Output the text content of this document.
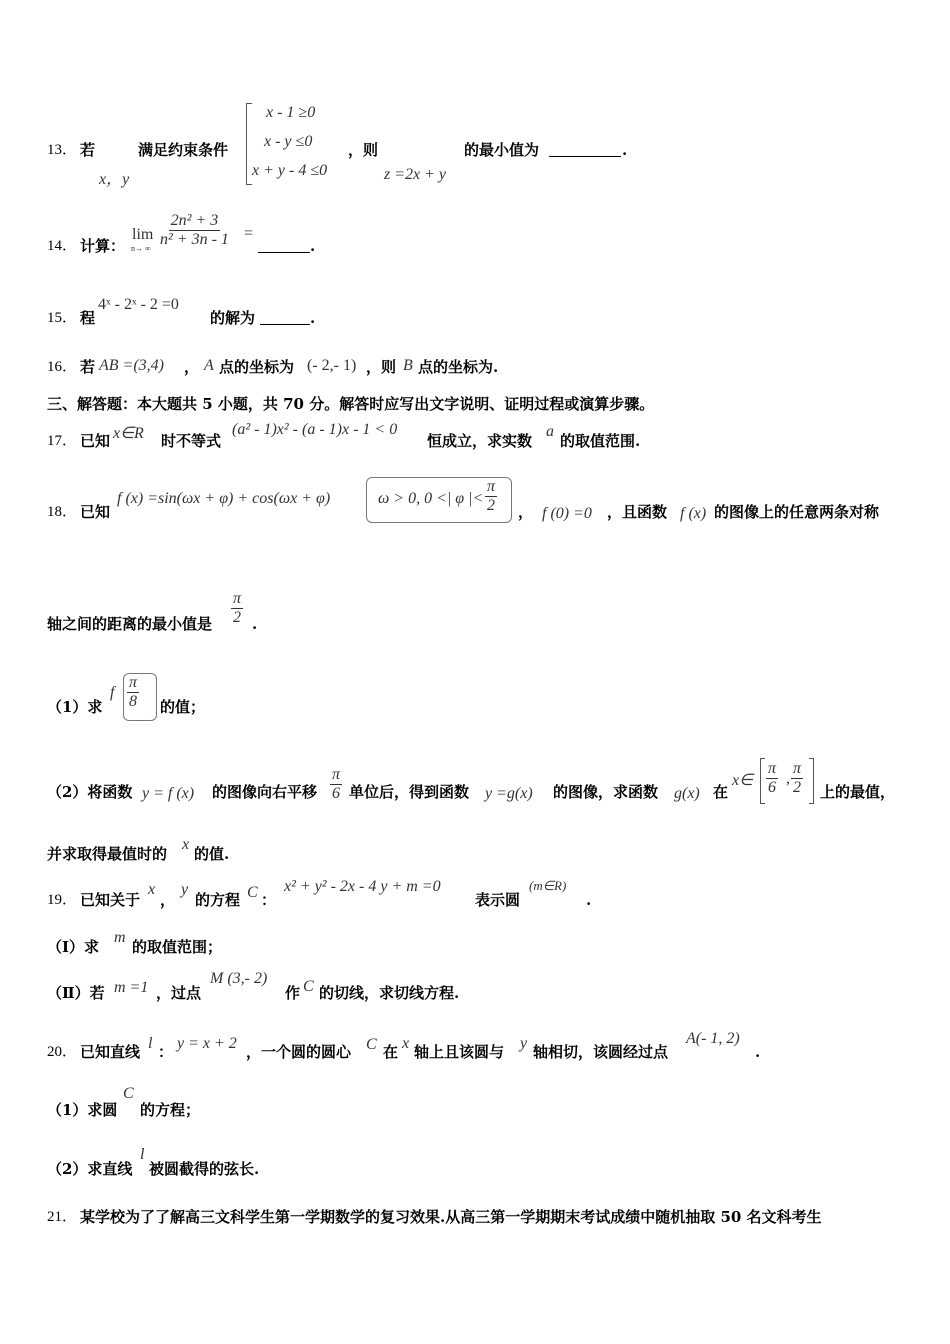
x - 1 ≥0
x - y ≤0
x + y - 4 ≤0
13． 若
x，y
满足约束条件	，则
z =2x + y
的最小值为	.
14． 计算：
lim
n→ ∞ $\frac{\text{2n² + 3}}{\text{n² + 3n - 1}}$ =
.
15． 程
4ˣ - 2ˣ - 2 =0
的解为	.
16． 若 AB =(3,4) ， A 点的坐标为 (- 2,- 1) ，则 B 点的坐标为.
三、解答题：本大题共 5 小题，共 70 分。解答时应写出文字说明、证明过程或演算步骤。
17． 已知 x∈R 时不等式
(a² - 1)x² - (a - 1)x - 1 < 0
恒成立，求实数
a
的取值范围.
18． 已知
f (x) =sin(ωx + φ) + cos(ωx + φ)	ω > 0, 0 <| φ |< $\frac{\pi}{2}$ ， f (0) =0 ，且函数 f (x) 的图像上的任意两条对称
轴之间的距离的最小值是 $\frac{\pi}{2}$ .
（1）求
f $\frac{\pi}{8}$ 的值；
（2）将函数 y = f (x) 的图像向右平移 $\frac{\pi}{6}$ 单位后，得到函数 y =g(x) 的图像，求函数 g(x) 在
x∈ $\frac{\pi}{6}$ , $\frac{\pi}{2}$ 上的最值，
并求取得最值时的
x
的值.
19． 已知关于
x
，
y
的方程 C ：
x² + y² - 2x - 4 y + m =0
表示圆
(m∈R)
.
（Ⅰ）求
m
的取值范围；
（Ⅱ）若 m =1 ，过点
M (3,- 2)
作 C 的切线，求切线方程.
20． 已知直线 l ： y = x + 2 ，一个圆的圆心 C 在 x 轴上且该圆与 y 轴相切，该圆经过点
A(- 1, 2)
.
（1）求圆
C
的方程；
（2）求直线
l
被圆截得的弦长.
21． 某学校为了了解高三文科学生第一学期数学的复习效果.从高三第一学期期末考试成绩中随机抽取 50 名文科考生
